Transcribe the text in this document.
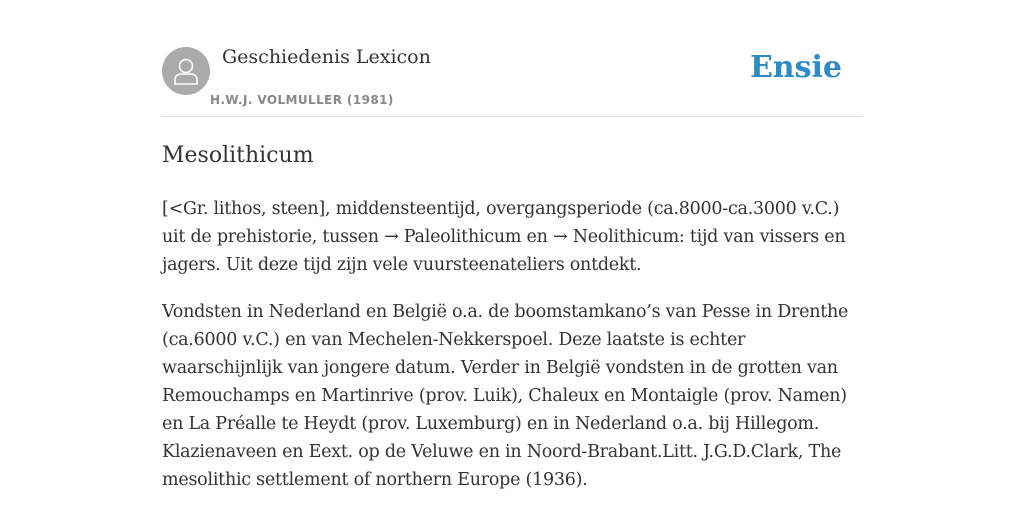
Geschiedenis Lexicon
H.W.J. VOLMULLER (1981)
Ensie
Mesolithicum

[<Gr. lithos, steen], middensteentijd, overgangsperiode (ca.8000-ca.3000 v.C.) uit de prehistorie, tussen → Paleolithicum en → Neolithicum: tijd van vissers en jagers. Uit deze tijd zijn vele vuursteenateliers ontdekt.

Vondsten in Nederland en België o.a. de boomstamkano’s van Pesse in Drenthe (ca.6000 v.C.) en van Mechelen-Nekkerspoel. Deze laatste is echter waarschijnlijk van jongere datum. Verder in België vondsten in de grotten van Remouchamps en Martinrive (prov. Luik), Chaleux en Montaigle (prov. Namen) en La Préalle te Heydt (prov. Luxemburg) en in Nederland o.a. bij Hillegom. Klazienaveen en Eext. op de Veluwe en in Noord-Brabant.Litt. J.G.D.Clark, The mesolithic settlement of northern Europe (1936).
